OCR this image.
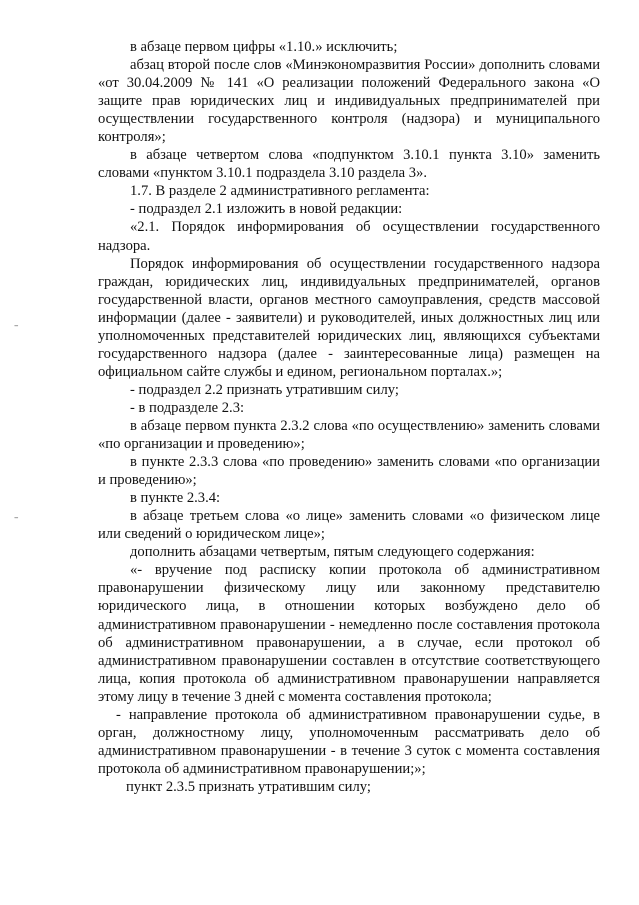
–
–

в абзаце первом цифры «1.10.» исключить;

абзац второй после слов «Минэкономразвития России» дополнить словами «от 30.04.2009 № 141 «О реализации положений Федерального закона «О защите прав юридических лиц и индивидуальных предпринимателей при осуществлении государственного контроля (надзора) и муниципального контроля»;

в абзаце четвертом слова «подпунктом 3.10.1 пункта 3.10» заменить словами «пунктом 3.10.1 подраздела 3.10 раздела 3».

1.7. В разделе 2 административного регламента:

- подраздел 2.1 изложить в новой редакции:

«2.1. Порядок информирования об осуществлении государственного надзора.

Порядок информирования об осуществлении государственного надзора граждан, юридических лиц, индивидуальных предпринимателей, органов государственной власти, органов местного самоуправления, средств массовой информации (далее - заявители) и руководителей, иных должностных лиц или уполномоченных представителей юридических лиц, являющихся субъектами государственного надзора (далее - заинтересованные лица) размещен на официальном сайте службы и едином, региональном порталах.»;

- подраздел 2.2 признать утратившим силу;

- в подразделе 2.3:

в абзаце первом пункта 2.3.2 слова «по осуществлению» заменить словами «по организации и проведению»;

в пункте 2.3.3 слова «по проведению» заменить словами «по организации и проведению»;

в пункте 2.3.4:

в абзаце третьем слова «о лице» заменить словами «о физическом лице или сведений о юридическом лице»;

дополнить абзацами четвертым, пятым следующего содержания:

«- вручение под расписку копии протокола об административном правонарушении физическому лицу или законному представителю юридического лица, в отношении которых возбуждено дело об административном правонарушении - немедленно после составления протокола об административном правонарушении, а в случае, если протокол об административном правонарушении составлен в отсутствие соответствующего лица, копия протокола об административном правонарушении направляется этому лицу в течение 3 дней с момента составления протокола;

- направление протокола об административном правонарушении судье, в орган, должностному лицу, уполномоченным рассматривать дело об административном правонарушении - в течение 3 суток с момента составления протокола об административном правонарушении;»;

пункт 2.3.5 признать утратившим силу;
